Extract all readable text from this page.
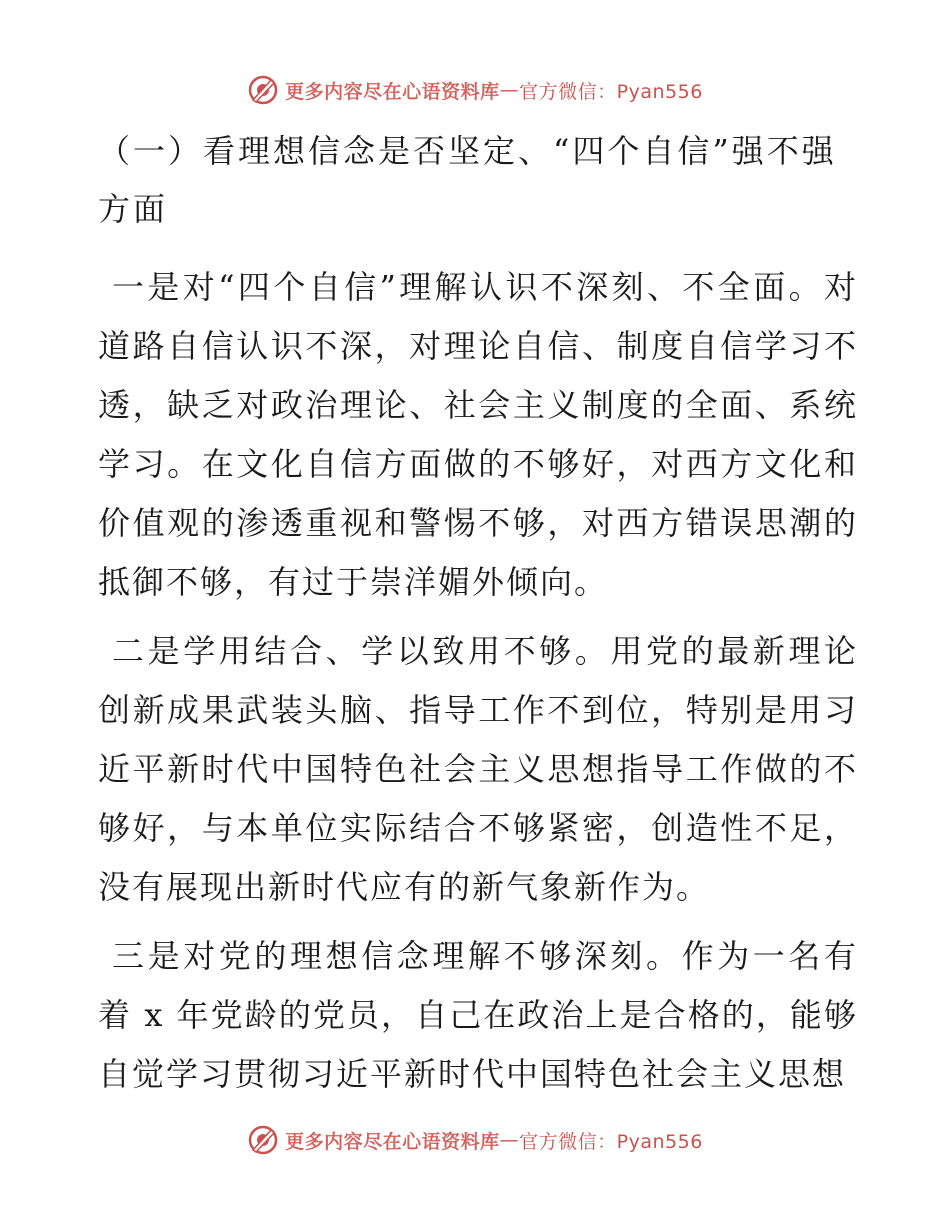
更多内容尽在心语资料库 — 官方微信：Pyan556

（一）看理想信念是否坚定、“四个自信”强不强方面

一是对“四个自信”理解认识不深刻、不全面。对道路自信认识不深，对理论自信、制度自信学习不透，缺乏对政治理论、社会主义制度的全面、系统学习。在文化自信方面做的不够好，对西方文化和价值观的渗透重视和警惕不够，对西方错误思潮的抵御不够，有过于崇洋媚外倾向。

二是学用结合、学以致用不够。用党的最新理论创新成果武装头脑、指导工作不到位，特别是用习近平新时代中国特色社会主义思想指导工作做的不够好，与本单位实际结合不够紧密，创造性不足，没有展现出新时代应有的新气象新作为。

三是对党的理想信念理解不够深刻。作为一名有着 x 年党龄的党员，自己在政治上是合格的，能够自觉学习贯彻习近平新时代中国特色社会主义思想

更多内容尽在心语资料库 — 官方微信：Pyan556
